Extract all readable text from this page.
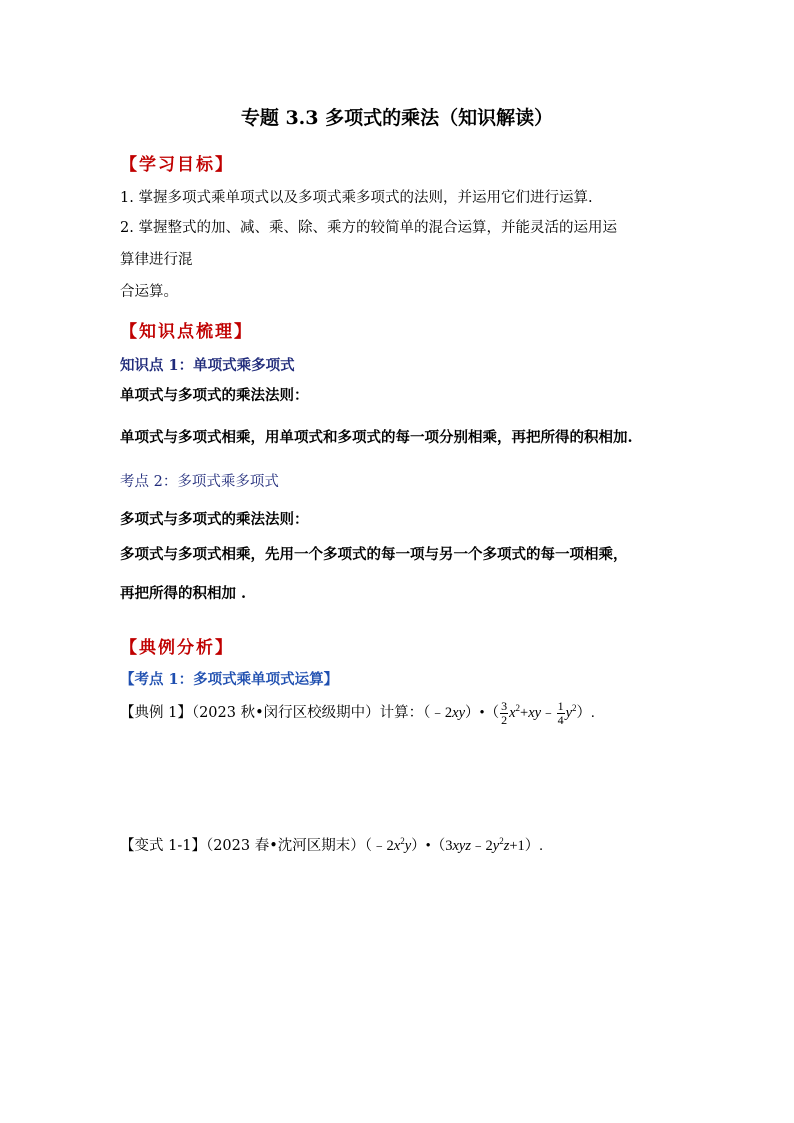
专题 3.3 多项式的乘法（知识解读）
【学习目标】
1. 掌握多项式乘单项式以及多项式乘多项式的法则，并运用它们进行运算.
2. 掌握整式的加、减、乘、除、乘方的较简单的混合运算，并能灵活的运用运
算律进行混
合运算。
【知识点梳理】
知识点 1：单项式乘多项式
单项式与多项式的乘法法则：
单项式与多项式相乘，用单项式和多项式的每一项分别相乘，再把所得的积相加.
考点 2：多项式乘多项式
多项式与多项式的乘法法则：
多项式与多项式相乘，先用一个多项式的每一项与另一个多项式的每一项相乘，
再把所得的积相加 .
【典例分析】
【考点 1：多项式乘单项式运算】
【典例 1】（2023 秋•闵行区校级期中）计算：（﹣2xy）•（ $\frac{3}{2}$ $x^2+xy﹣ \frac{1}{4} y^2$）.
【变式 1-1】（2023 春•沈河区期末）$(﹣2x^2y)•(3xyz﹣2y^2z+1)$.
